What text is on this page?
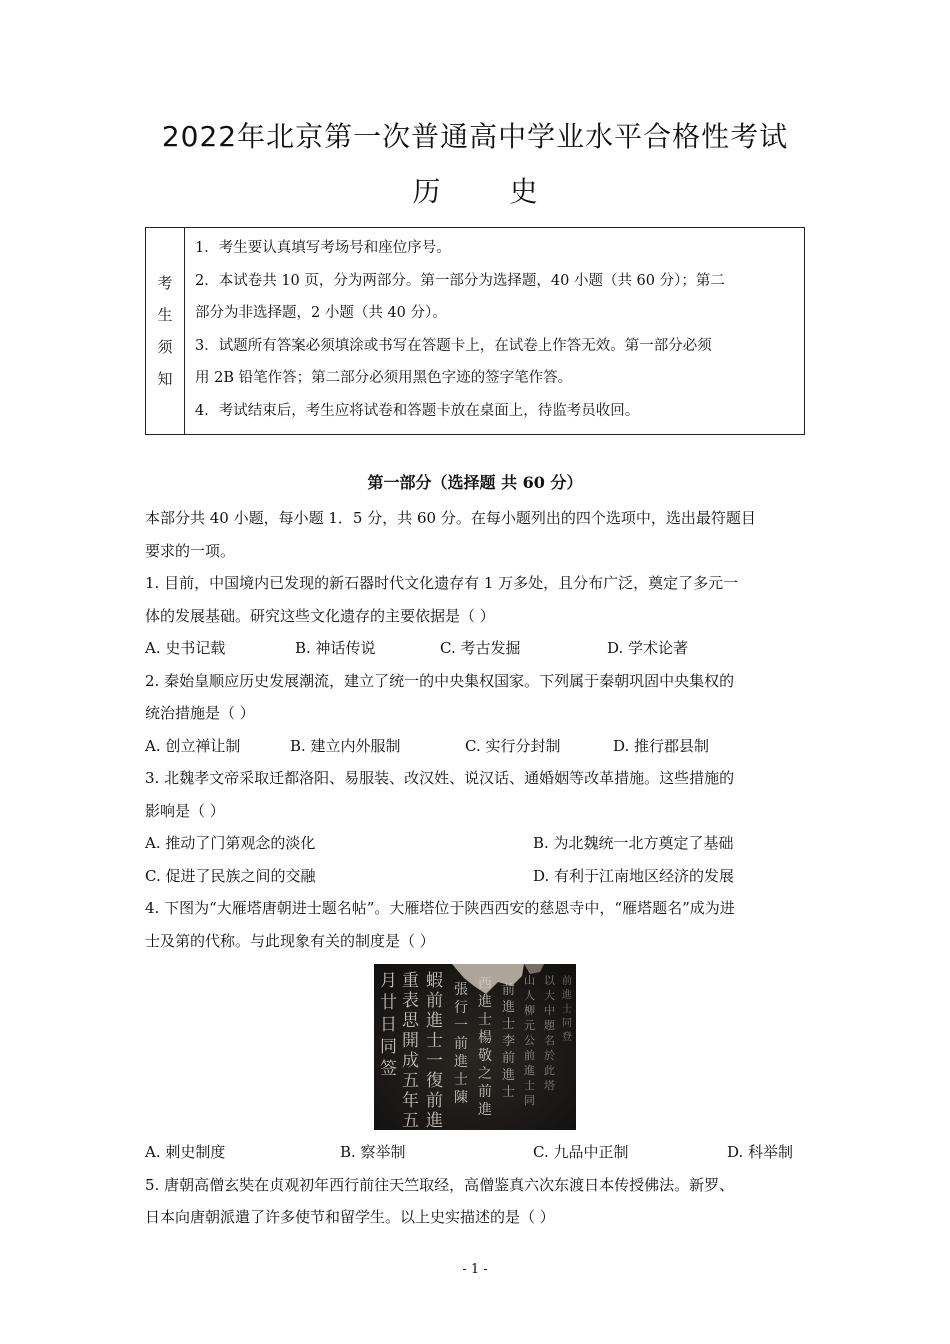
2022年北京第一次普通高中学业水平合格性考试
历 史
考
生
须
知
1．考生要认真填写考场号和座位序号。
2．本试卷共 10 页，分为两部分。第一部分为选择题，40 小题（共 60 分）；第二
部分为非选择题，2 小题（共 40 分）。
3．试题所有答案必须填涂或书写在答题卡上，在试卷上作答无效。第一部分必须
用 2B 铅笔作答；第二部分必须用黑色字迹的签字笔作答。
4．考试结束后，考生应将试卷和答题卡放在桌面上，待监考员收回。
第一部分（选择题 共 60 分）
本部分共 40 小题，每小题 1．5 分，共 60 分。在每小题列出的四个选项中，选出最符题目
要求的一项。
1. 目前，中国境内已发现的新石器时代文化遗存有 1 万多处，且分布广泛，奠定了多元一
体的发展基础。研究这些文化遗存的主要依据是（ ）
A. 史书记载	B. 神话传说	C. 考古发掘	D. 学术论著
2. 秦始皇顺应历史发展潮流，建立了统一的中央集权国家。下列属于秦朝巩固中央集权的
统治措施是（ ）
A. 创立禅让制	B. 建立内外服制	C. 实行分封制	D. 推行郡县制
3. 北魏孝文帝采取迁都洛阳、易服装、改汉姓、说汉话、通婚姻等改革措施。这些措施的
影响是（ ）
A. 推动了门第观念的淡化	B. 为北魏统一北方奠定了基础
C. 促进了民族之间的交融	D. 有利于江南地区经济的发展
4. 下图为“大雁塔唐朝进士题名帖”。大雁塔位于陕西西安的慈恩寺中，“雁塔题名”成为进
士及第的代称。与此现象有关的制度是（ ）
月廿日同签
重表思開成五年五
蝦前進士一復前進
張行一前進士陳
西進士楊敬之前進
前進士李前進士
山人柳元公前進士同
以大中題名於此塔
前進士同登
A. 刺史制度	B. 察举制	C. 九品中正制	D. 科举制
5. 唐朝高僧玄奘在贞观初年西行前往天竺取经，高僧鉴真六次东渡日本传授佛法。新罗、
日本向唐朝派遣了许多使节和留学生。以上史实描述的是（ ）
- 1 -
